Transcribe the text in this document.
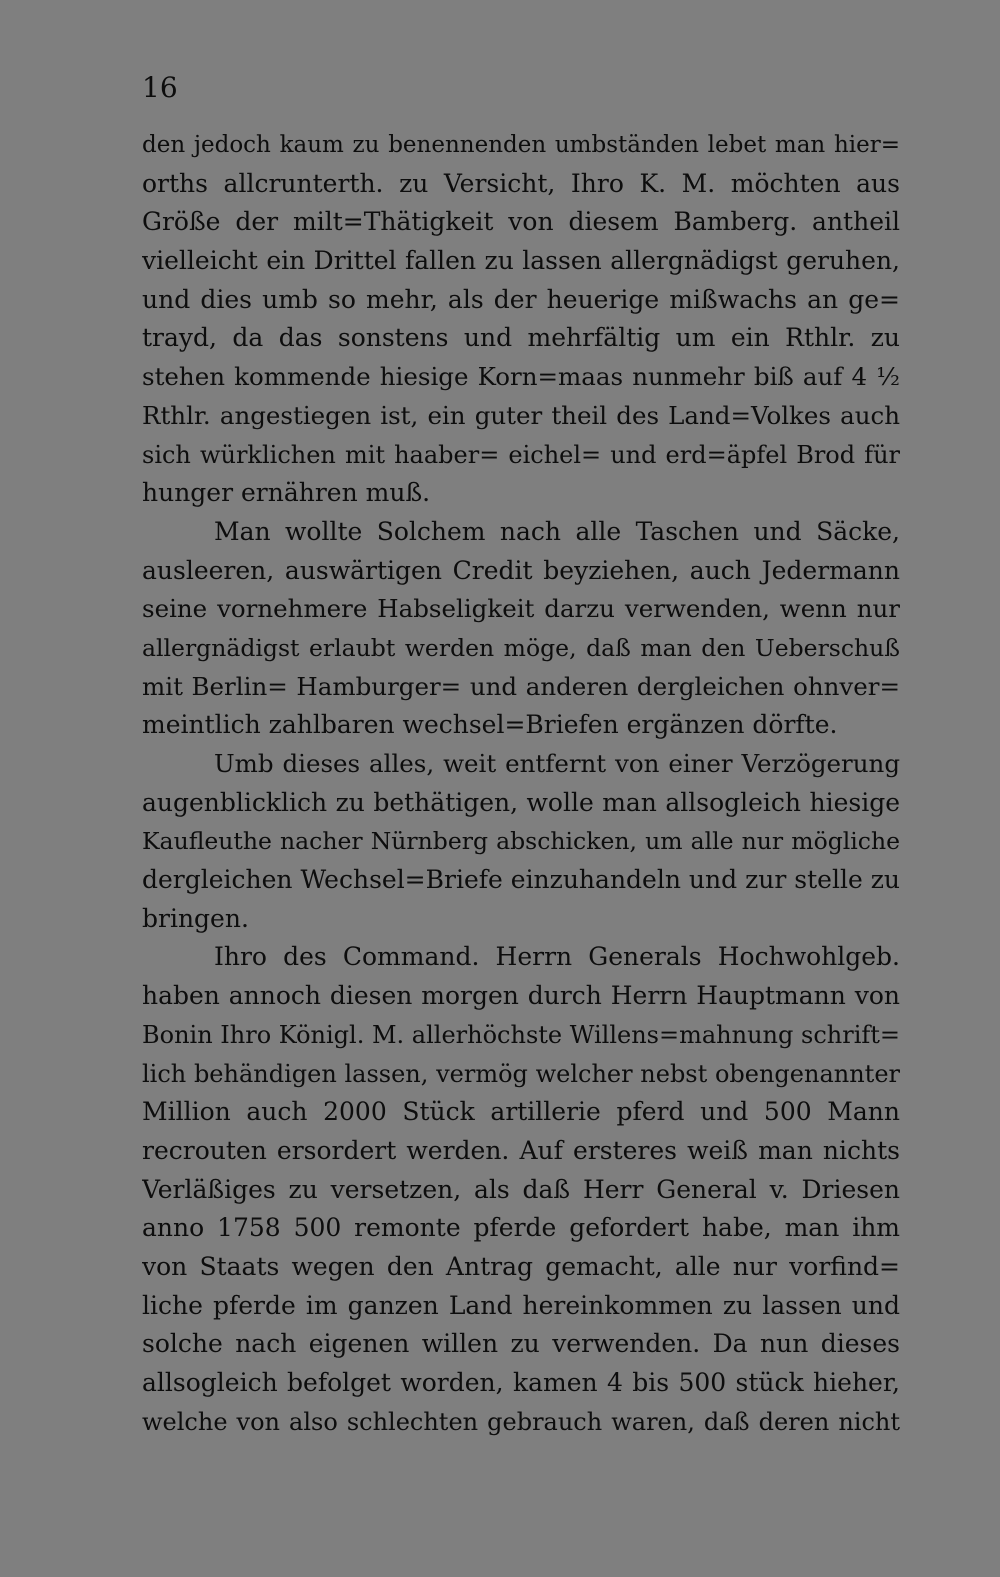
16
den jedoch kaum zu benennenden umbständen lebet man hier=
orths allcrunterth. zu Versicht, Ihro K. M. möchten aus
Größe der milt=Thätigkeit von diesem Bamberg. antheil
vielleicht ein Drittel fallen zu lassen allergnädigst geruhen,
und dies umb so mehr, als der heuerige mißwachs an ge=
trayd, da das sonstens und mehrfältig um ein Rthlr. zu
stehen kommende hiesige Korn=maas nunmehr biß auf 4 ½
Rthlr. angestiegen ist, ein guter theil des Land=Volkes auch
sich würklichen mit haaber= eichel= und erd=äpfel Brod für
hunger ernähren muß.
Man wollte Solchem nach alle Taschen und Säcke,
ausleeren, auswärtigen Credit beyziehen, auch Jedermann
seine vornehmere Habseligkeit darzu verwenden, wenn nur
allergnädigst erlaubt werden möge, daß man den Ueberschuß
mit Berlin= Hamburger= und anderen dergleichen ohnver=
meintlich zahlbaren wechsel=Briefen ergänzen dörfte.
Umb dieses alles, weit entfernt von einer Verzögerung
augenblicklich zu bethätigen, wolle man allsogleich hiesige
Kaufleuthe nacher Nürnberg abschicken, um alle nur mögliche
dergleichen Wechsel=Briefe einzuhandeln und zur stelle zu
bringen.
Ihro des Command. Herrn Generals Hochwohlgeb.
haben annoch diesen morgen durch Herrn Hauptmann von
Bonin Ihro Königl. M. allerhöchste Willens=mahnung schrift=
lich behändigen lassen, vermög welcher nebst obengenannter
Million auch 2000 Stück artillerie pferd und 500 Mann
recrouten ersordert werden. Auf ersteres weiß man nichts
Verläßiges zu versetzen, als daß Herr General v. Driesen
anno 1758 500 remonte pferde gefordert habe, man ihm
von Staats wegen den Antrag gemacht, alle nur vorfind=
liche pferde im ganzen Land hereinkommen zu lassen und
solche nach eigenen willen zu verwenden. Da nun dieses
allsogleich befolget worden, kamen 4 bis 500 stück hieher,
welche von also schlechten gebrauch waren, daß deren nicht
